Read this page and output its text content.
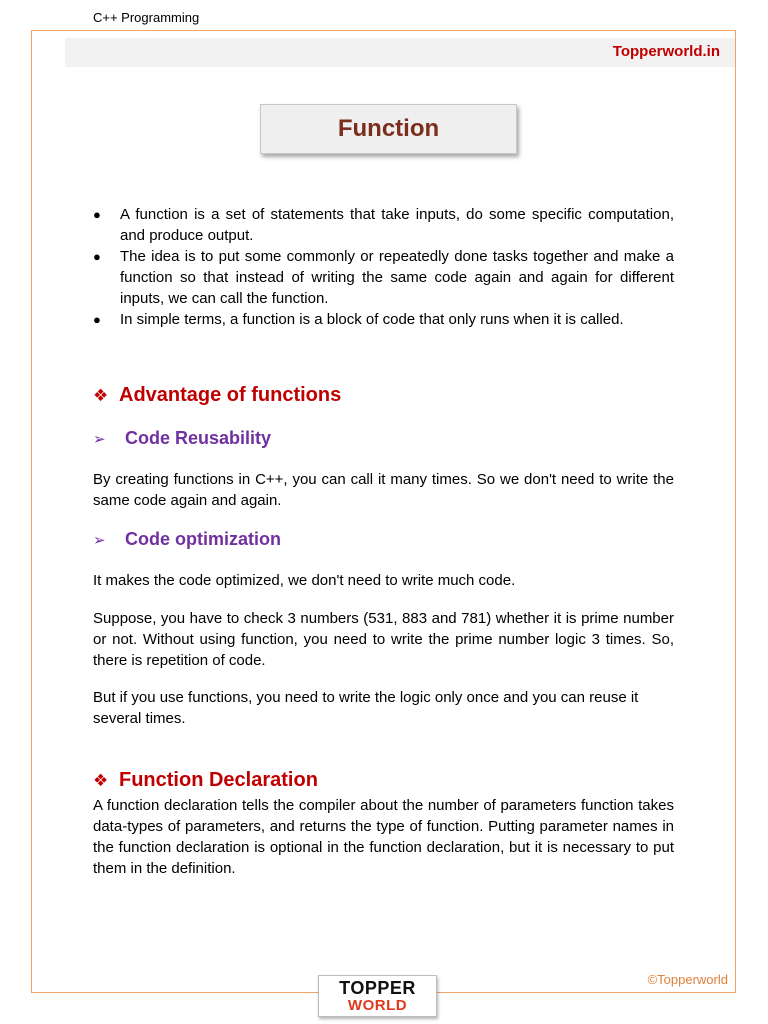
C++ Programming
Topperworld.in
Function
● A function is a set of statements that take inputs, do some specific computation, and produce output.
● The idea is to put some commonly or repeatedly done tasks together and make a function so that instead of writing the same code again and again for different inputs, we can call the function.
● In simple terms, a function is a block of code that only runs when it is called.
❖ Advantage of functions
➢	Code Reusability

By creating functions in C++, you can call it many times. So we don't need to write the same code again and again.

➢	Code optimization

It makes the code optimized, we don't need to write much code.

Suppose, you have to check 3 numbers (531, 883 and 781) whether it is prime number or not. Without using function, you need to write the prime number logic 3 times. So, there is repetition of code.

But if you use functions, you need to write the logic only once and you can reuse it several times.

❖ Function Declaration

A function declaration tells the compiler about the number of parameters function takes data-types of parameters, and returns the type of function. Putting parameter names in the function declaration is optional in the function declaration, but it is necessary to put them in the definition.

©Topperworld
TOPPER
WORLD
